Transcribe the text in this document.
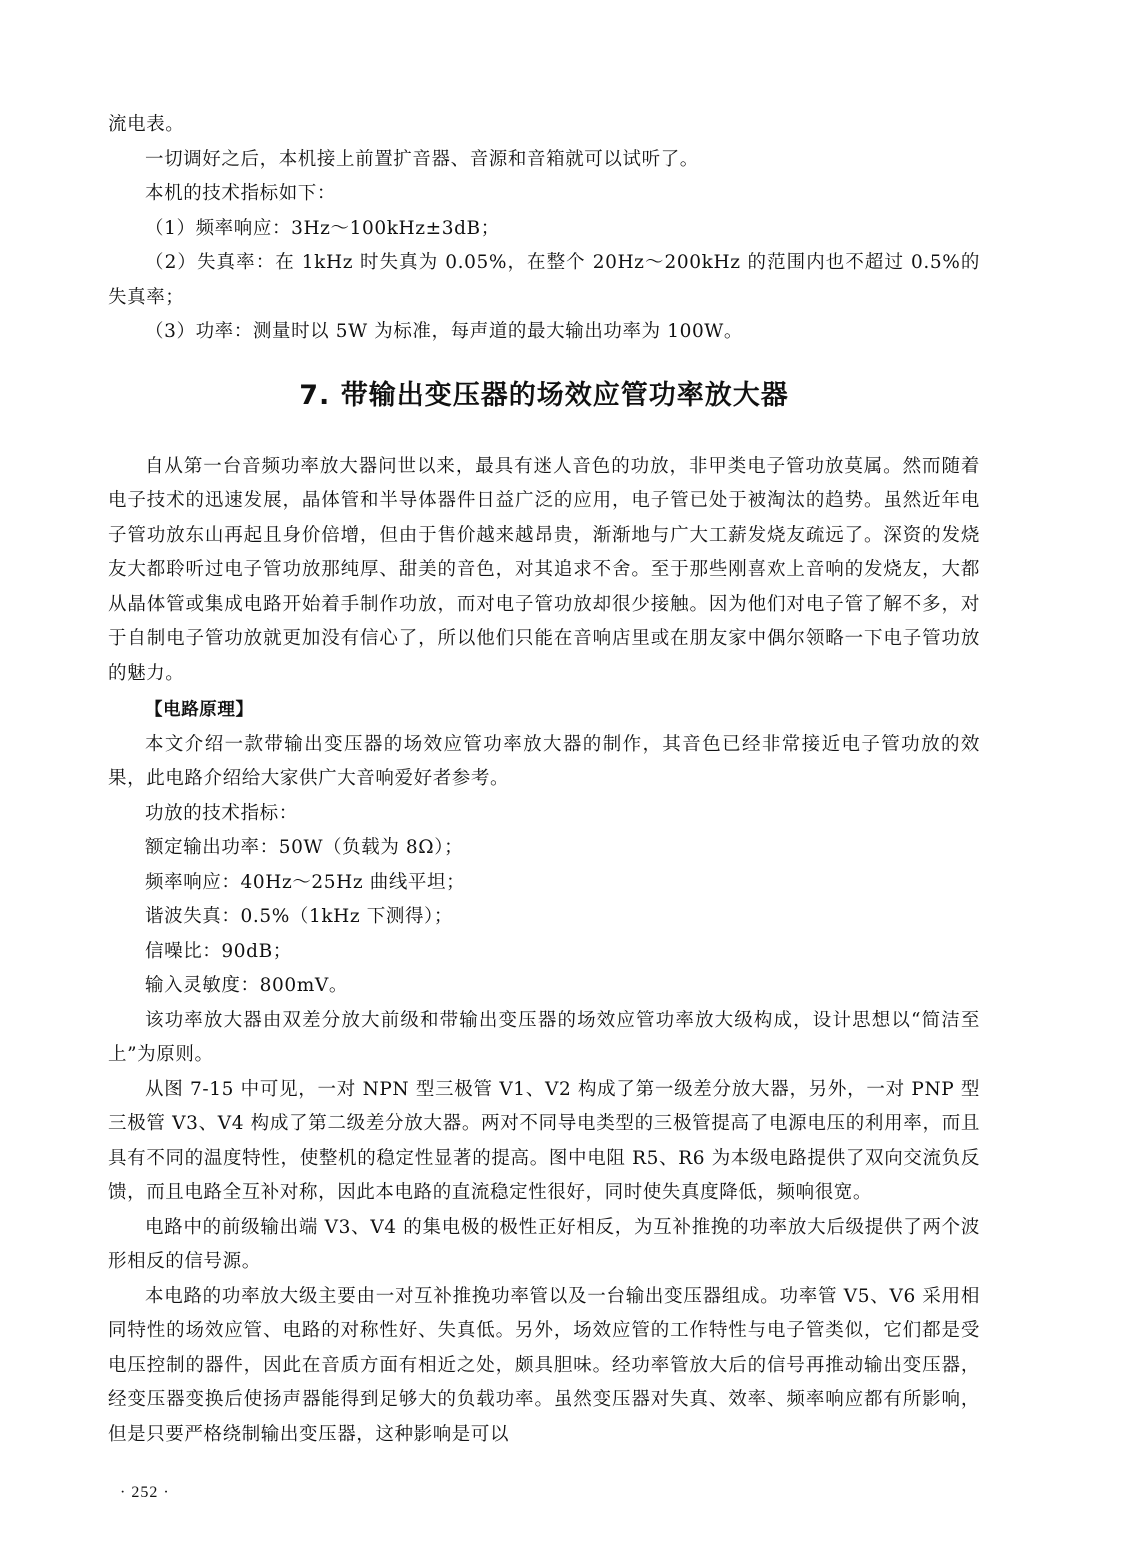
流电表。

一切调好之后，本机接上前置扩音器、音源和音箱就可以试听了。

本机的技术指标如下：

（1）频率响应：3Hz～100kHz±3dB；

（2）失真率：在 1kHz 时失真为 0.05%，在整个 20Hz～200kHz 的范围内也不超过 0.5%的失真率；

（3）功率：测量时以 5W 为标准，每声道的最大输出功率为 100W。

7. 带输出变压器的场效应管功率放大器

自从第一台音频功率放大器问世以来，最具有迷人音色的功放，非甲类电子管功放莫属。然而随着电子技术的迅速发展，晶体管和半导体器件日益广泛的应用，电子管已处于被淘汰的趋势。虽然近年电子管功放东山再起且身价倍增，但由于售价越来越昂贵，渐渐地与广大工薪发烧友疏远了。深资的发烧友大都聆听过电子管功放那纯厚、甜美的音色，对其追求不舍。至于那些刚喜欢上音响的发烧友，大都从晶体管或集成电路开始着手制作功放，而对电子管功放却很少接触。因为他们对电子管了解不多，对于自制电子管功放就更加没有信心了，所以他们只能在音响店里或在朋友家中偶尔领略一下电子管功放的魅力。

【电路原理】

本文介绍一款带输出变压器的场效应管功率放大器的制作，其音色已经非常接近电子管功放的效果，此电路介绍给大家供广大音响爱好者参考。

功放的技术指标：

额定输出功率：50W（负载为 8Ω）；

频率响应：40Hz～25Hz 曲线平坦；

谐波失真：0.5%（1kHz 下测得）；

信噪比：90dB；

输入灵敏度：800mV。

该功率放大器由双差分放大前级和带输出变压器的场效应管功率放大级构成，设计思想以“简洁至上”为原则。

从图 7-15 中可见，一对 NPN 型三极管 V1、V2 构成了第一级差分放大器，另外，一对 PNP 型三极管 V3、V4 构成了第二级差分放大器。两对不同导电类型的三极管提高了电源电压的利用率，而且具有不同的温度特性，使整机的稳定性显著的提高。图中电阻 R5、R6 为本级电路提供了双向交流负反馈，而且电路全互补对称，因此本电路的直流稳定性很好，同时使失真度降低，频响很宽。

电路中的前级输出端 V3、V4 的集电极的极性正好相反，为互补推挽的功率放大后级提供了两个波形相反的信号源。

本电路的功率放大级主要由一对互补推挽功率管以及一台输出变压器组成。功率管 V5、V6 采用相同特性的场效应管、电路的对称性好、失真低。另外，场效应管的工作特性与电子管类似，它们都是受电压控制的器件，因此在音质方面有相近之处，颇具胆味。经功率管放大后的信号再推动输出变压器，经变压器变换后使扬声器能得到足够大的负载功率。虽然变压器对失真、效率、频率响应都有所影响，但是只要严格绕制输出变压器，这种影响是可以

· 252 ·
